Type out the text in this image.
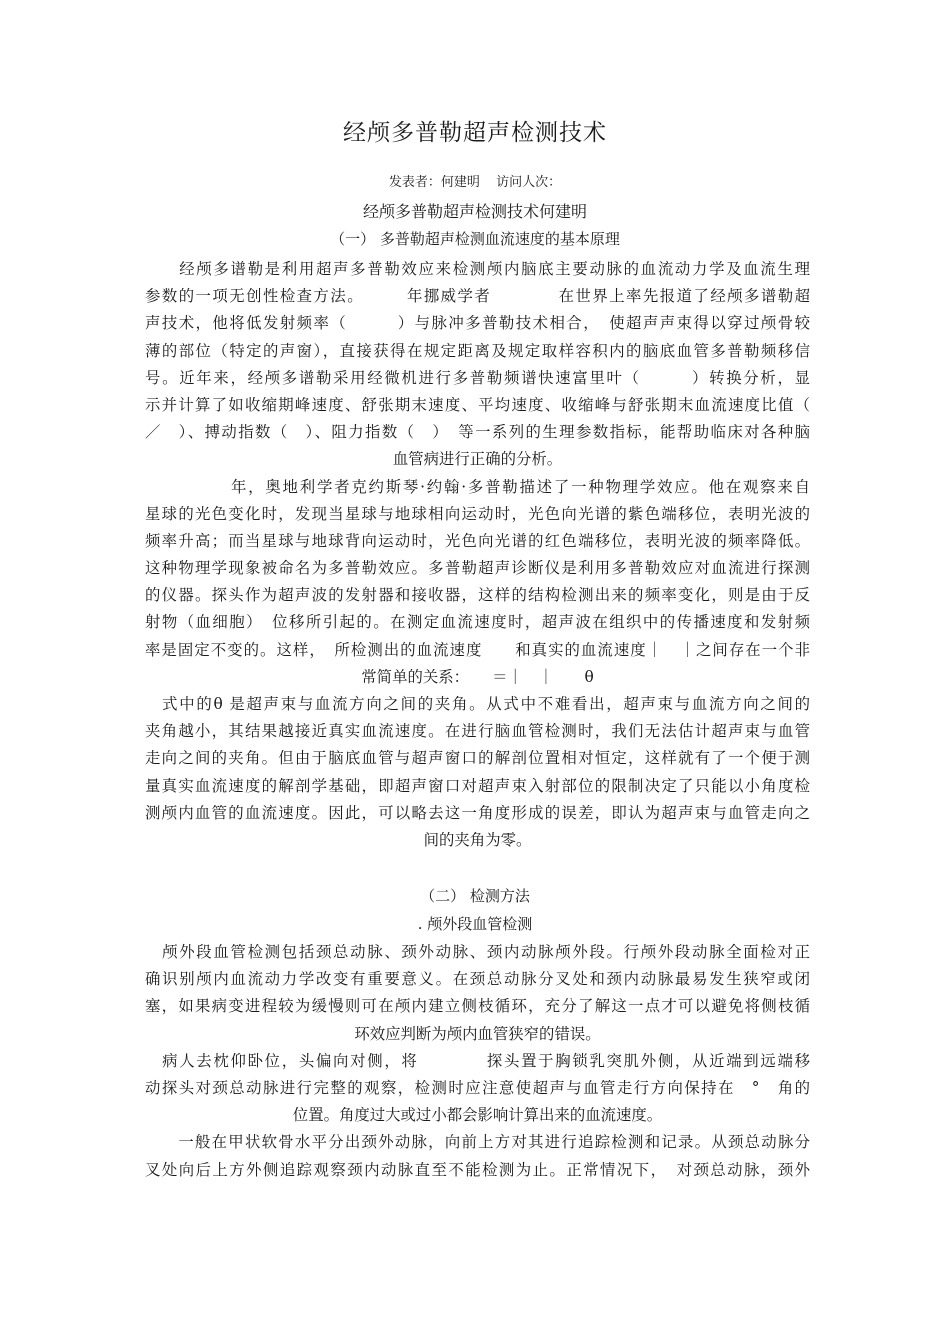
经颅多普勒超声检测技术
发表者：何建明 访问人次：
经颅多普勒超声检测技术何建明
（一） 多普勒超声检测血流速度的基本原理
　　经颅多谱勒是利用超声多普勒效应来检测颅内脑底主要动脉的血流动力学及血流生理
参数的一项无创性检查方法。　　　年挪威学者　　　　在世界上率先报道了经颅多谱勒超
声技术，他将低发射频率（　　　）与脉冲多普勒技术相合，　使超声声束得以穿过颅骨较
薄的部位（特定的声窗），直接获得在规定距离及规定取样容积内的脑底血管多普勒频移信
号。近年来，经颅多谱勒采用经微机进行多普勒频谱快速富里叶（　　　）转换分析，显
示并计算了如收缩期峰速度、舒张期末速度、平均速度、收缩峰与舒张期末血流速度比值（
／　）、搏动指数（　）、阻力指数（　）　等一系列的生理参数指标，能帮助临床对各种脑
血管病进行正确的分析。
　　　　　年，奥地利学者克约斯琴·约翰·多普勒描述了一种物理学效应。他在观察来自
星球的光色变化时，发现当星球与地球相向运动时，光色向光谱的紫色端移位，表明光波的
频率升高；而当星球与地球背向运动时，光色向光谱的红色端移位，表明光波的频率降低。
这种物理学现象被命名为多普勒效应。多普勒超声诊断仪是利用多普勒效应对血流进行探测
的仪器。探头作为超声波的发射器和接收器，这样的结构检测出来的频率变化，则是由于反
射物（血细胞）　位移所引起的。在测定血流速度时，超声波在组织中的传播速度和发射频
率是固定不变的。这样，　所检测出的血流速度　　和真实的血流速度｜　｜之间存在一个非
常简单的关系：　　＝｜　｜　　θ
　式中的θ 是超声束与血流方向之间的夹角。从式中不难看出，超声束与血流方向之间的
夹角越小，其结果越接近真实血流速度。在进行脑血管检测时，我们无法估计超声束与血管
走向之间的夹角。但由于脑底血管与超声窗口的解剖位置相对恒定，这样就有了一个便于测
量真实血流速度的解剖学基础，即超声窗口对超声束入射部位的限制决定了只能以小角度检
测颅内血管的血流速度。因此，可以略去这一角度形成的误差，即认为超声束与血管走向之
间的夹角为零。
（二） 检测方法
. 颅外段血管检测
　颅外段血管检测包括颈总动脉、颈外动脉、颈内动脉颅外段。行颅外段动脉全面检对正
确识别颅内血流动力学改变有重要意义。在颈总动脉分叉处和颈内动脉最易发生狭窄或闭
塞，如果病变进程较为缓慢则可在颅内建立侧枝循环，充分了解这一点才可以避免将侧枝循
环效应判断为颅内血管狭窄的错误。
　病人去枕仰卧位，头偏向对侧，将　　　　探头置于胸锁乳突肌外侧，从近端到远端移
动探头对颈总动脉进行完整的观察，检测时应注意使超声与血管走行方向保持在　°　角的
位置。角度过大或过小都会影响计算出来的血流速度。
　　一般在甲状软骨水平分出颈外动脉，向前上方对其进行追踪检测和记录。从颈总动脉分
叉处向后上方外侧追踪观察颈内动脉直至不能检测为止。正常情况下，　对颈总动脉，颈外
